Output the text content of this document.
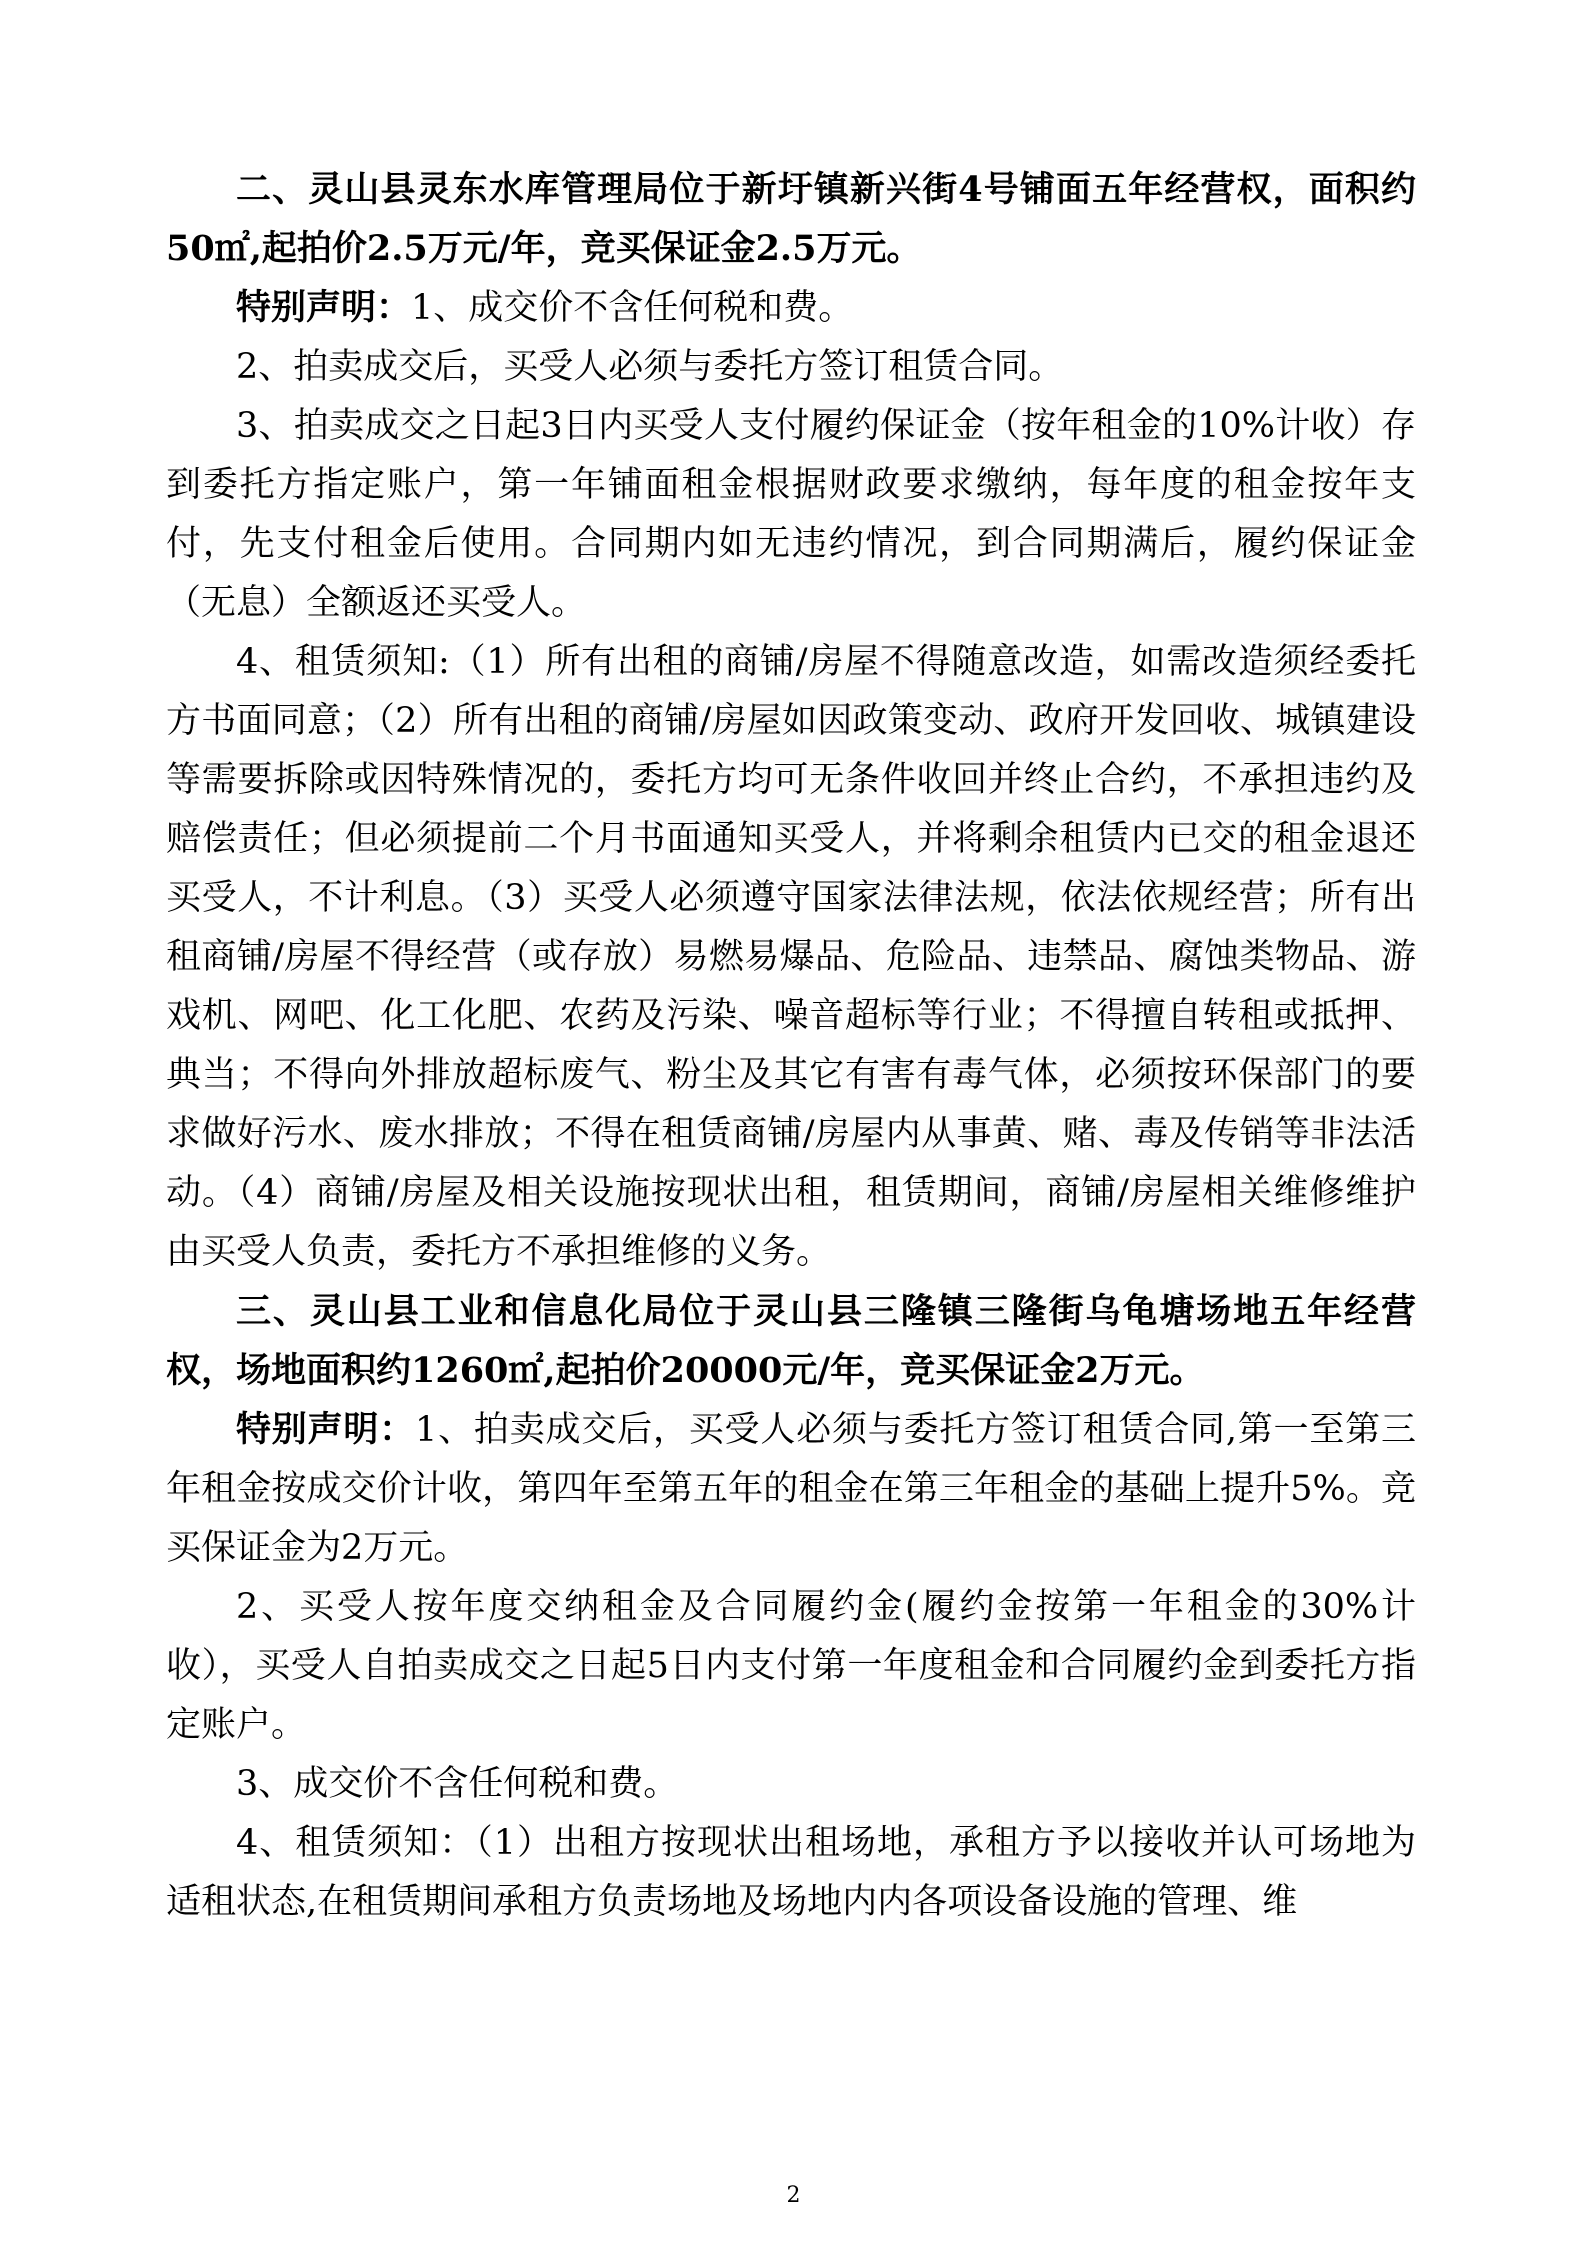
二、灵山县灵东水库管理局位于新圩镇新兴街4号铺面五年经营权，面积约50㎡,起拍价2.5万元/年，竞买保证金2.5万元。

特别声明：1、成交价不含任何税和费。

2、拍卖成交后，买受人必须与委托方签订租赁合同。

3、拍卖成交之日起3日内买受人支付履约保证金（按年租金的10%计收）存到委托方指定账户，第一年铺面租金根据财政要求缴纳，每年度的租金按年支付，先支付租金后使用。合同期内如无违约情况，到合同期满后，履约保证金（无息）全额返还买受人。

4、租赁须知:（1）所有出租的商铺/房屋不得随意改造，如需改造须经委托方书面同意；（2）所有出租的商铺/房屋如因政策变动、政府开发回收、城镇建设等需要拆除或因特殊情况的，委托方均可无条件收回并终止合约，不承担违约及赔偿责任；但必须提前二个月书面通知买受人，并将剩余租赁内已交的租金退还买受人，不计利息。（3）买受人必须遵守国家法律法规，依法依规经营；所有出租商铺/房屋不得经营（或存放）易燃易爆品、危险品、违禁品、腐蚀类物品、游戏机、网吧、化工化肥、农药及污染、噪音超标等行业；不得擅自转租或抵押、典当；不得向外排放超标废气、粉尘及其它有害有毒气体，必须按环保部门的要求做好污水、废水排放；不得在租赁商铺/房屋内从事黄、赌、毒及传销等非法活动。（4）商铺/房屋及相关设施按现状出租，租赁期间，商铺/房屋相关维修维护由买受人负责，委托方不承担维修的义务。

三、灵山县工业和信息化局位于灵山县三隆镇三隆街乌龟塘场地五年经营权，场地面积约1260㎡,起拍价20000元/年，竞买保证金2万元。

特别声明：1、拍卖成交后，买受人必须与委托方签订租赁合同,第一至第三年租金按成交价计收，第四年至第五年的租金在第三年租金的基础上提升5%。竞买保证金为2万元。

2、买受人按年度交纳租金及合同履约金(履约金按第一年租金的30%计收），买受人自拍卖成交之日起5日内支付第一年度租金和合同履约金到委托方指定账户。

3、成交价不含任何税和费。

4、租赁须知：（1）出租方按现状出租场地，承租方予以接收并认可场地为适租状态,在租赁期间承租方负责场地及场地内内各项设备设施的管理、维

2
